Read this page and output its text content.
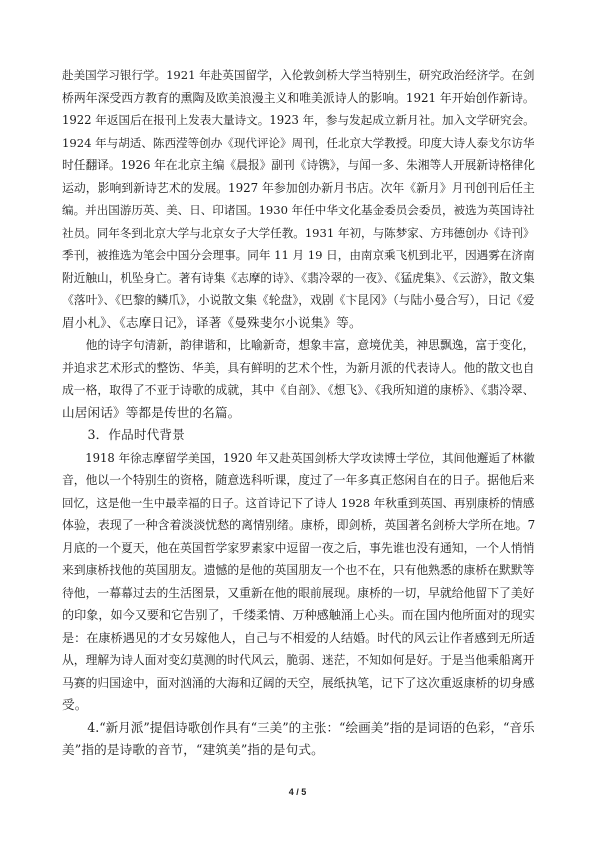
赴美国学习银行学。1921 年赴英国留学，入伦敦剑桥大学当特别生，研究政治经济学。在剑
桥两年深受西方教育的熏陶及欧美浪漫主义和唯美派诗人的影响。1921 年开始创作新诗。
1922 年返国后在报刊上发表大量诗文。1923 年，参与发起成立新月社。加入文学研究会。
1924 年与胡适、陈西滢等创办《现代评论》周刊，任北京大学教授。印度大诗人泰戈尔访华
时任翻译。1926 年在北京主编《晨报》副刊《诗镌》，与闻一多、朱湘等人开展新诗格律化
运动，影响到新诗艺术的发展。1927 年参加创办新月书店。次年《新月》月刊创刊后任主
编。并出国游历英、美、日、印诸国。1930 年任中华文化基金委员会委员，被选为英国诗社
社员。同年冬到北京大学与北京女子大学任教。1931 年初，与陈梦家、方玮德创办《诗刊》
季刊，被推选为笔会中国分会理事。同年 11 月 19 日，由南京乘飞机到北平，因遇雾在济南
附近触山，机坠身亡。著有诗集《志摩的诗》、《翡冷翠的一夜》、《猛虎集》、《云游》，散文集
《落叶》、《巴黎的鳞爪》，小说散文集《轮盘》，戏剧《卞昆冈》（与陆小曼合写），日记《爱
眉小札》、《志摩日记》，译著《曼殊斐尔小说集》等。
　　他的诗字句清新，韵律谐和，比喻新奇，想象丰富，意境优美，神思飘逸，富于变化，
并追求艺术形式的整饬、华美，具有鲜明的艺术个性，为新月派的代表诗人。他的散文也自
成一格，取得了不亚于诗歌的成就，其中《自剖》、《想飞》、《我所知道的康桥》、《翡冷翠、
山居闲话》等都是传世的名篇。
　　3．作品时代背景
　　1918 年徐志摩留学美国，1920 年又赴英国剑桥大学攻读博士学位，其间他邂逅了林徽
音，他以一个特别生的资格，随意选科听课，度过了一年多真正悠闲自在的日子。据他后来
回忆，这是他一生中最幸福的日子。这首诗记下了诗人 1928 年秋重到英国、再别康桥的情感
体验，表现了一种含着淡淡忧愁的离情别绪。康桥，即剑桥，英国著名剑桥大学所在地。7
月底的一个夏天，他在英国哲学家罗素家中逗留一夜之后，事先谁也没有通知，一个人悄悄
来到康桥找他的英国朋友。遗憾的是他的英国朋友一个也不在，只有他熟悉的康桥在默默等
待他，一幕幕过去的生活图景，又重新在他的眼前展现。康桥的一切，早就给他留下了美好
的印象，如今又要和它告别了，千缕柔情、万种感触涌上心头。而在国内他所面对的现实
是：在康桥遇见的才女另嫁他人，自己与不相爱的人结婚。时代的风云让作者感到无所适
从，理解为诗人面对变幻莫测的时代风云，脆弱、迷茫，不知如何是好。于是当他乘船离开
马赛的归国途中，面对汹涌的大海和辽阔的天空，展纸执笔，记下了这次重返康桥的切身感
受。
　　4.“新月派”提倡诗歌创作具有“三美”的主张：“绘画美”指的是词语的色彩，“音乐
美”指的是诗歌的音节，“建筑美”指的是句式。
4 / 5
